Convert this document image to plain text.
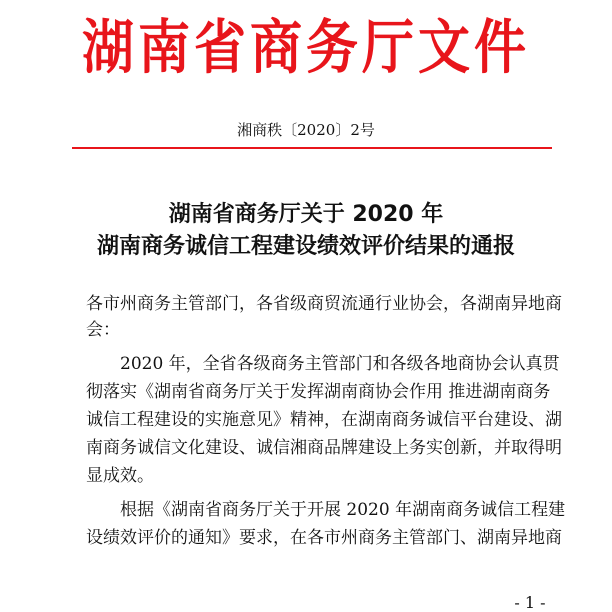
湖南省商务厅文件
湘商秩〔2020〕2号
湖南省商务厅关于 2020 年
湖南商务诚信工程建设绩效评价结果的通报
各市州商务主管部门，各省级商贸流通行业协会，各湖南异地商
会：
2020 年，全省各级商务主管部门和各级各地商协会认真贯
彻落实《湖南省商务厅关于发挥湖南商协会作用 推进湖南商务
诚信工程建设的实施意见》精神，在湖南商务诚信平台建设、湖
南商务诚信文化建设、诚信湘商品牌建设上务实创新，并取得明
显成效。
根据《湖南省商务厅关于开展 2020 年湖南商务诚信工程建
设绩效评价的通知》要求，在各市州商务主管部门、湖南异地商
- 1 -
